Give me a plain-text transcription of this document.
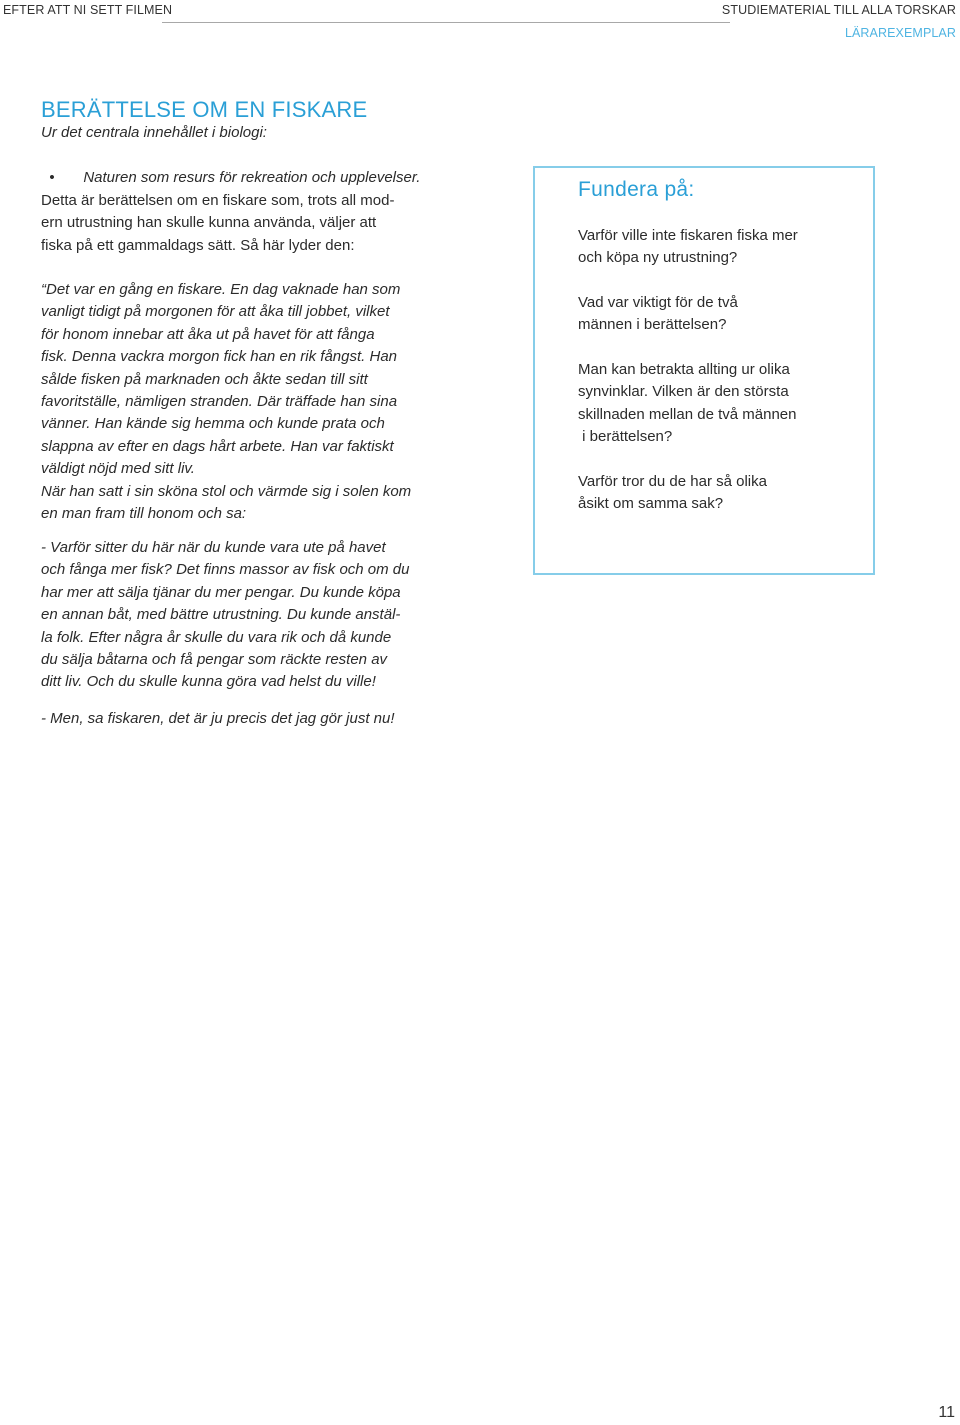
EFTER ATT NI SETT FILMEN	STUDIEMATERIAL TILL ALLA TORSKAR
LÄRAREXEMPLAR
BERÄTTELSE OM EN FISKARE
Ur det centrala innehållet i biologi:

• Naturen som resurs för rekreation och upplevelser.

Detta är berättelsen om en fiskare som, trots all mod-
ern utrustning han skulle kunna använda, väljer att
fiska på ett gammaldags sätt. Så här lyder den:
“Det var en gång en fiskare. En dag vaknade han som
vanligt tidigt på morgonen för att åka till jobbet, vilket
för honom innebar att åka ut på havet för att fånga
fisk. Denna vackra morgon fick han en rik fångst. Han
sålde fisken på marknaden och åkte sedan till sitt
favoritställe, nämligen stranden. Där träffade han sina
vänner. Han kände sig hemma och kunde prata och
slappna av efter en dags hårt arbete. Han var faktiskt
väldigt nöjd med sitt liv.
När han satt i sin sköna stol och värmde sig i solen kom
en man fram till honom och sa:
- Varför sitter du här när du kunde vara ute på havet
och fånga mer fisk? Det finns massor av fisk och om du
har mer att sälja tjänar du mer pengar. Du kunde köpa
en annan båt, med bättre utrustning. Du kunde anstäl-
la folk. Efter några år skulle du vara rik och då kunde
du sälja båtarna och få pengar som räckte resten av
ditt liv. Och du skulle kunna göra vad helst du ville!
- Men, sa fiskaren, det är ju precis det jag gör just nu!
Fundera på:
Varför ville inte fiskaren fiska mer
och köpa ny utrustning?
Vad var viktigt för de två
männen i berättelsen?
Man kan betrakta allting ur olika
synvinklar. Vilken är den största
skillnaden mellan de två männen
i berättelsen?
Varför tror du de har så olika
åsikt om samma sak?
11
